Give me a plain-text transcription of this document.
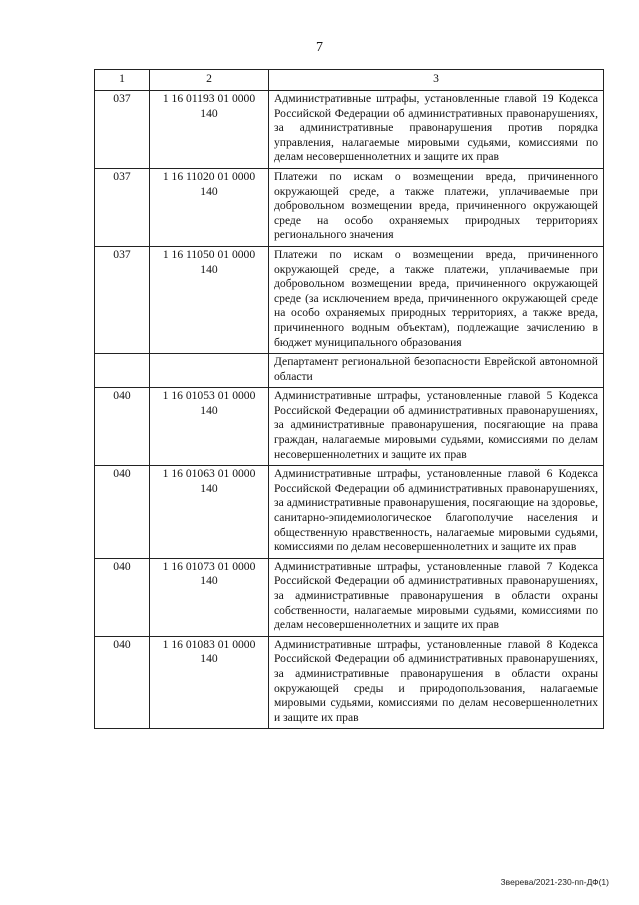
7
1	2	3
037	1 16 01193 01 0000 140	Административные штрафы, установленные главой 19 Кодекса Российской Федерации об административных правонарушениях, за административные правонарушения против порядка управления, налагаемые мировыми судьями, комиссиями по делам несовершеннолетних и защите их прав
037	1 16 11020 01 0000 140	Платежи по искам о возмещении вреда, причиненного окружающей среде, а также платежи, уплачиваемые при добровольном возмещении вреда, причиненного окружающей среде на особо охраняемых природных территориях регионального значения
037	1 16 11050 01 0000 140	Платежи по искам о возмещении вреда, причиненного окружающей среде, а также платежи, уплачиваемые при добровольном возмещении вреда, причиненного окружающей среде (за исключением вреда, причиненного окружающей среде на особо охраняемых природных территориях, а также вреда, причиненного водным объектам), подлежащие зачислению в бюджет муниципального образования
		Департамент региональной безопасности Еврейской автономной области
040	1 16 01053 01 0000 140	Административные штрафы, установленные главой 5 Кодекса Российской Федерации об административных правонарушениях, за административные правонарушения, посягающие на права граждан, налагаемые мировыми судьями, комиссиями по делам несовершеннолетних и защите их прав
040	1 16 01063 01 0000 140	Административные штрафы, установленные главой 6 Кодекса Российской Федерации об административных правонарушениях, за административные правонарушения, посягающие на здоровье, санитарно-эпидемиологическое благополучие населения и общественную нравственность, налагаемые мировыми судьями, комиссиями по делам несовершеннолетних и защите их прав
040	1 16 01073 01 0000 140	Административные штрафы, установленные главой 7 Кодекса Российской Федерации об административных правонарушениях, за административные правонарушения в области охраны собственности, налагаемые мировыми судьями, комиссиями по делам несовершеннолетних и защите их прав
040	1 16 01083 01 0000 140	Административные штрафы, установленные главой 8 Кодекса Российской Федерации об административных правонарушениях, за административные правонарушения в области охраны окружающей среды и природопользования, налагаемые мировыми судьями, комиссиями по делам несовершеннолетних и защите их прав
Зверева/2021-230-пп-ДФ(1)
